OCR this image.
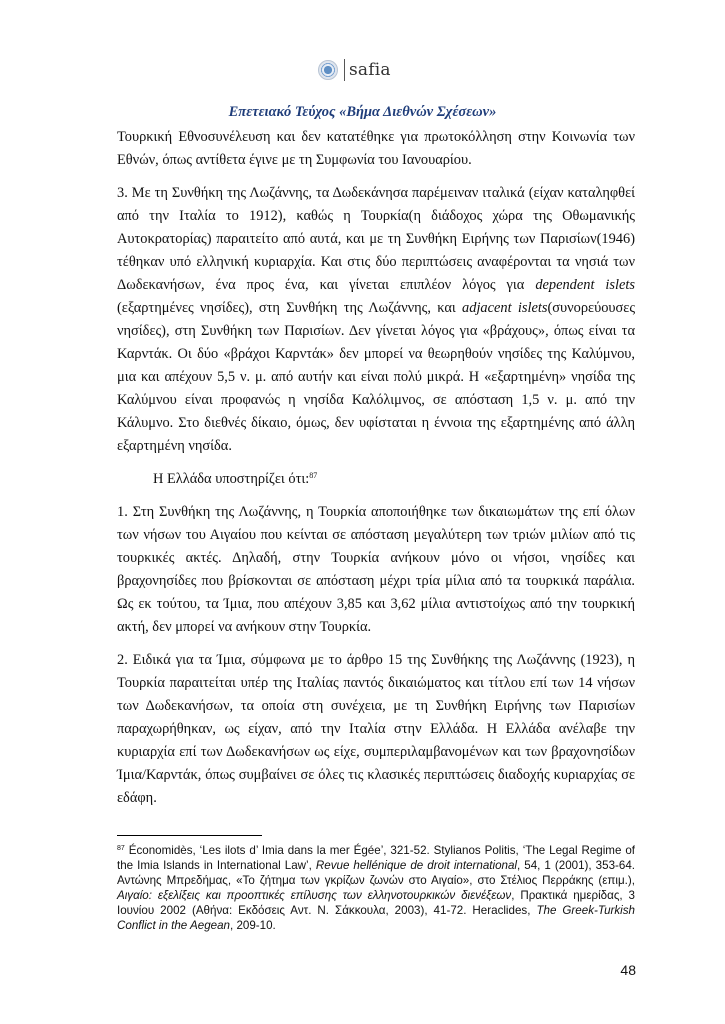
safia
Επετειακό Τεύχος «Βήμα Διεθνών Σχέσεων»

Τουρκική Εθνοσυνέλευση και δεν κατατέθηκε για πρωτοκόλληση στην Κοινωνία των Εθνών, όπως αντίθετα έγινε με τη Συμφωνία του Ιανουαρίου.

3. Με τη Συνθήκη της Λωζάννης, τα Δωδεκάνησα παρέμειναν ιταλικά (είχαν καταληφθεί από την Ιταλία το 1912), καθώς η Τουρκία(η διάδοχος χώρα της Οθωμανικής Αυτοκρατορίας) παραιτείτο από αυτά, και με τη Συνθήκη Ειρήνης των Παρισίων(1946) τέθηκαν υπό ελληνική κυριαρχία. Και στις δύο περιπτώσεις αναφέρονται τα νησιά των Δωδεκανήσων, ένα προς ένα, και γίνεται επιπλέον λόγος για dependent islets (εξαρτημένες νησίδες), στη Συνθήκη της Λωζάννης, και adjacent islets(συνορεύουσες νησίδες), στη Συνθήκη των Παρισίων. Δεν γίνεται λόγος για «βράχους», όπως είναι τα Καρντάκ. Οι δύο «βράχοι Καρντάκ» δεν μπορεί να θεωρηθούν νησίδες της Καλύμνου, μια και απέχουν 5,5 ν. μ. από αυτήν και είναι πολύ μικρά. Η «εξαρτημένη» νησίδα της Καλύμνου είναι προφανώς η νησίδα Καλόλιμνος, σε απόσταση 1,5 ν. μ. από την Κάλυμνο. Στο διεθνές δίκαιο, όμως, δεν υφίσταται η έννοια της εξαρτημένης από άλλη εξαρτημένη νησίδα.

Η Ελλάδα υποστηρίζει ότι:$^{87}$

1. Στη Συνθήκη της Λωζάννης, η Τουρκία αποποιήθηκε των δικαιωμάτων της επί όλων των νήσων του Αιγαίου που κείνται σε απόσταση μεγαλύτερη των τριών μιλίων από τις τουρκικές ακτές. Δηλαδή, στην Τουρκία ανήκουν μόνο οι νήσοι, νησίδες και βραχονησίδες που βρίσκονται σε απόσταση μέχρι τρία μίλια από τα τουρκικά παράλια. Ως εκ τούτου, τα Ίμια, που απέχουν 3,85 και 3,62 μίλια αντιστοίχως από την τουρκική ακτή, δεν μπορεί να ανήκουν στην Τουρκία.

2. Ειδικά για τα Ίμια, σύμφωνα με το άρθρο 15 της Συνθήκης της Λωζάννης (1923), η Τουρκία παραιτείται υπέρ της Ιταλίας παντός δικαιώματος και τίτλου επί των 14 νήσων των Δωδεκανήσων, τα οποία στη συνέχεια, με τη Συνθήκη Ειρήνης των Παρισίων παραχωρήθηκαν, ως είχαν, από την Ιταλία στην Ελλάδα. Η Ελλάδα ανέλαβε την κυριαρχία επί των Δωδεκανήσων ως είχε, συμπεριλαμβανομένων και των βραχονησίδων Ίμια/Καρντάκ, όπως συμβαίνει σε όλες τις κλασικές περιπτώσεις διαδοχής κυριαρχίας σε εδάφη.

$^{87}$ Économidès, ‘Les ilots d’ Imia dans la mer Égée’, 321-52. Stylianos Politis, ‘The Legal Regime of the Imia Islands in International Law’, Revue hellénique de droit international, 54, 1 (2001), 353-64. Αντώνης Μπρεδήμας, «Το ζήτημα των γκρίζων ζωνών στο Αιγαίο», στο Στέλιος Περράκης (επιμ.), Αιγαίο: εξελίξεις και προοπτικές επίλυσης των ελληνοτουρκικών διενέξεων, Πρακτικά ημερίδας, 3 Ιουνίου 2002 (Αθήνα: Εκδόσεις Αντ. Ν. Σάκκουλα, 2003), 41-72. Heraclides, The Greek-Turkish Conflict in the Aegean, 209-10.
48
